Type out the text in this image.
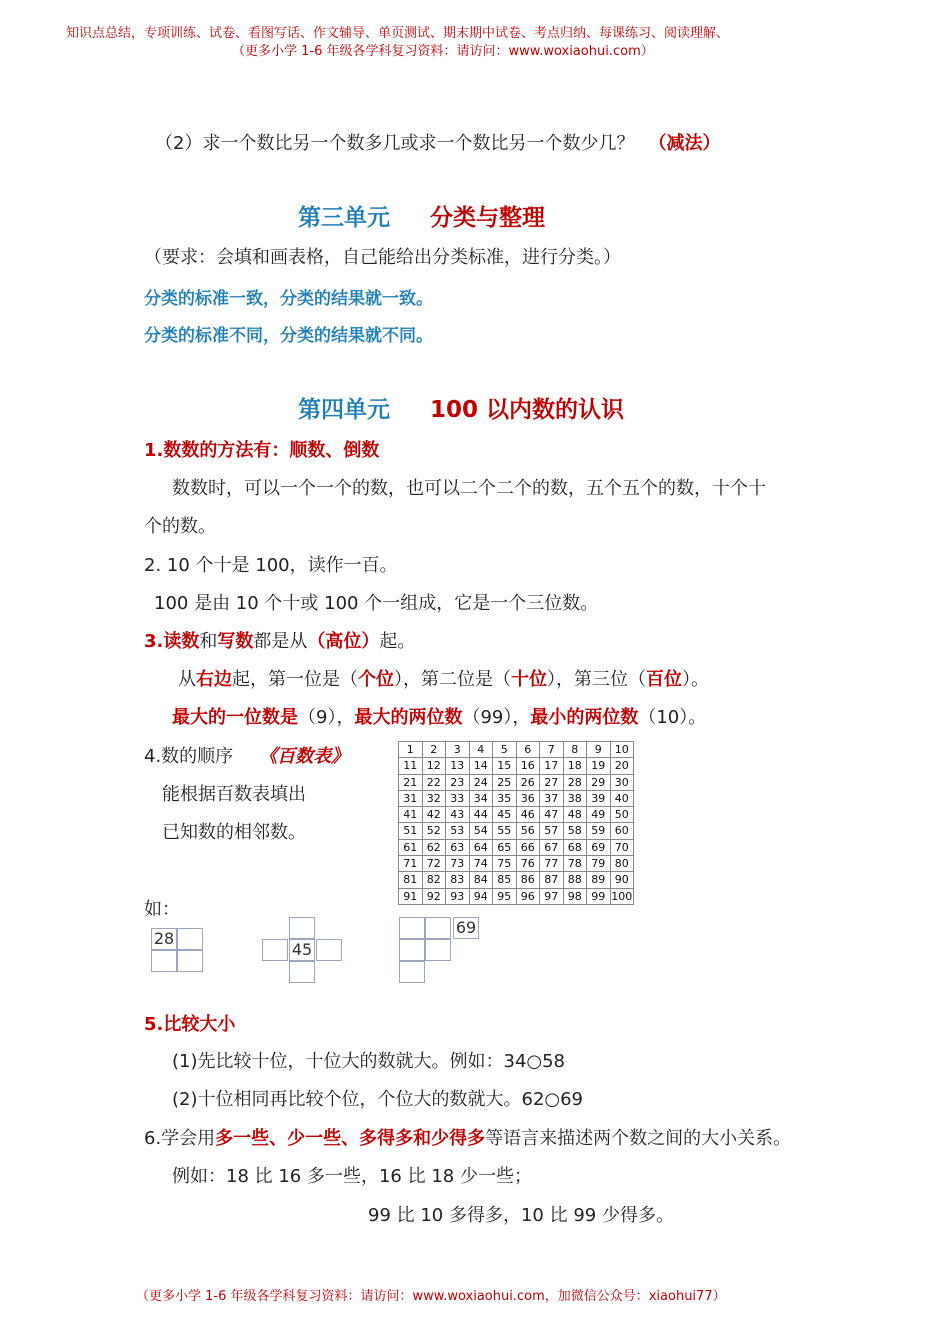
知识点总结，专项训练、试卷、看图写话、作文辅导、单页测试、期末期中试卷、考点归纳、每课练习、阅读理解、
（更多小学 1-6 年级各学科复习资料：请访问：www.woxiaohui.com）
（2）求一个数比另一个数多几或求一个数比另一个数少几？ （减法）
第三单元 分类与整理
（要求：会填和画表格，自己能给出分类标准，进行分类。）
分类的标准一致，分类的结果就一致。
分类的标准不同，分类的结果就不同。
第四单元 100 以内数的认识
1.数数的方法有：顺数、倒数
数数时，可以一个一个的数，也可以二个二个的数，五个五个的数，十个十
个的数。
2. 10 个十是 100，读作一百。
100 是由 10 个十或 100 个一组成，它是一个三位数。
3.读数和写数都是从（高位）起。
从右边起，第一位是（个位），第二位是（十位），第三位（百位）。
最大的一位数是（9），最大的两位数（99），最小的两位数（10）。
4.数的顺序 《百数表》
能根据百数表填出
已知数的相邻数。
1	2	3	4	5	6	7	8	9	10
11 12 13 14 15 16 17 18 19 20
21 22 23 24 25 26 27 28 29 30
31 32 33 34 35 36 37 38 39 40
41 42 43 44 45 46 47 48 49 50
51 52 53 54 55 56 57 58 59 60
61 62 63 64 65 66 67 68 69 70
71 72 73 74 75 76 77 78 79 80
81 82 83 84 85 86 87 88 89 90
91 92 93 94 95 96 97 98 99 100
如：
28
45
69
5.比较大小
(1)先比较十位，十位大的数就大。例如：34○58
(2)十位相同再比较个位，个位大的数就大。62○69
6.学会用多一些、少一些、多得多和少得多等语言来描述两个数之间的大小关系。
例如：18 比 16 多一些，16 比 18 少一些；
99 比 10 多得多，10 比 99 少得多。
（更多小学 1-6 年级各学科复习资料：请访问：www.woxiaohui.com，加微信公众号：xiaohui77）
